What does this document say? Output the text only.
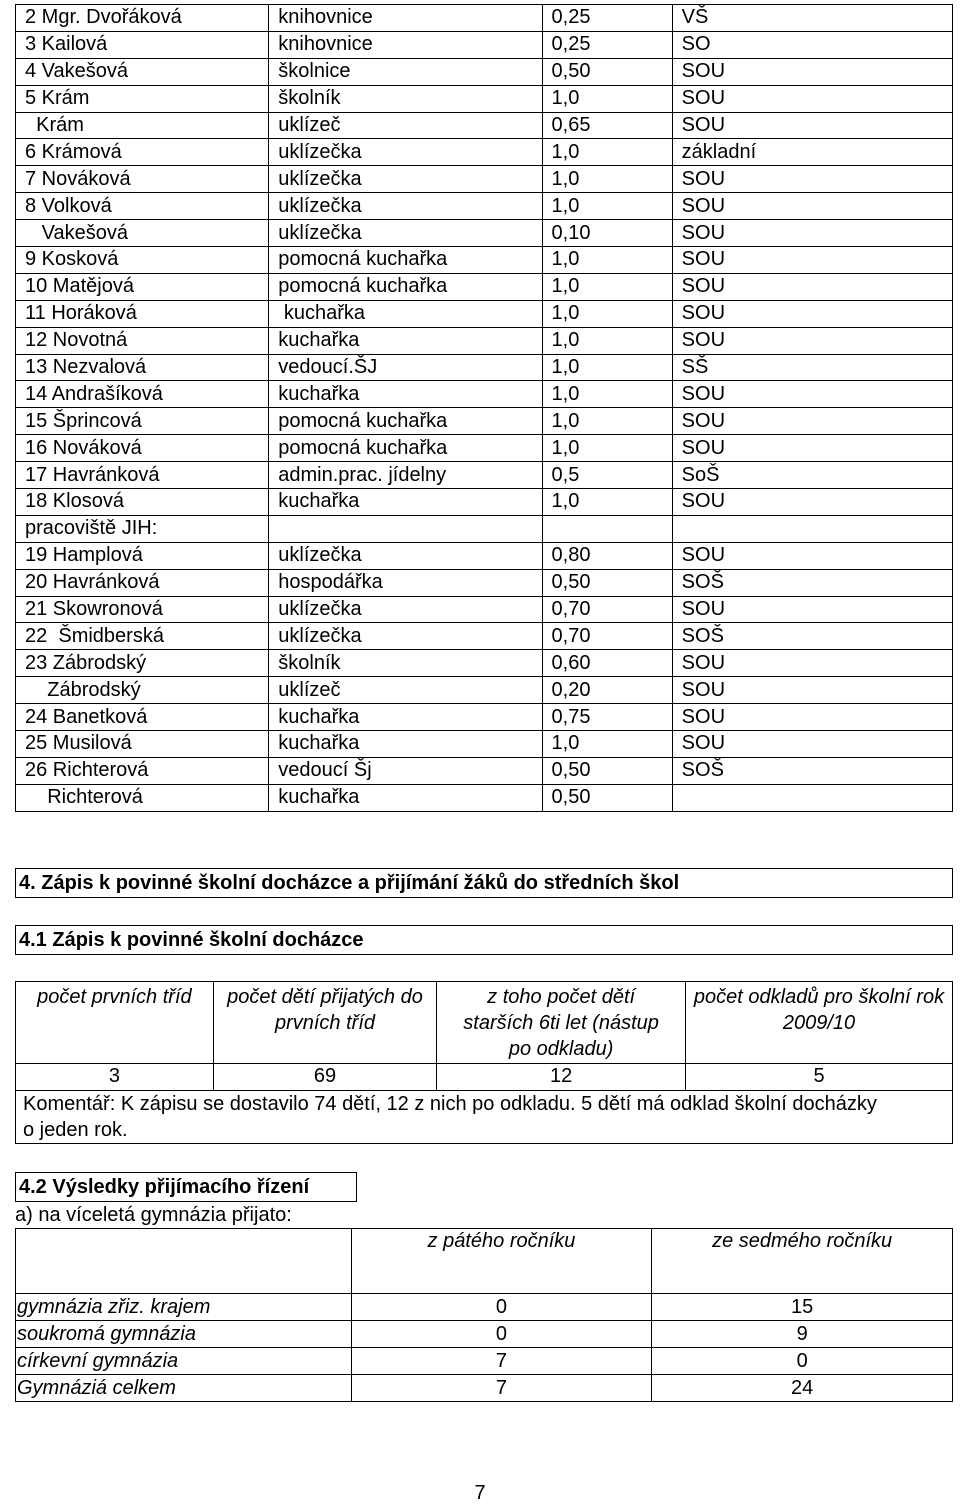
2 Mgr. Dvořáková	knihovnice	0,25	VŠ
3 Kailová	knihovnice	0,25	SO
4 Vakešová	školnice	0,50	SOU
5 Krám	školník	1,0	SOU
Krám	uklízeč	0,65	SOU
6 Krámová	uklízečka	1,0	základní
7 Nováková	uklízečka	1,0	SOU
8 Volková	uklízečka	1,0	SOU
Vakešová	uklízečka	0,10	SOU
9 Kosková	pomocná kuchařka	1,0	SOU
10 Matějová	pomocná kuchařka	1,0	SOU
11 Horáková	kuchařka	1,0	SOU
12 Novotná	kuchařka	1,0	SOU
13 Nezvalová	vedoucí.ŠJ	1,0	SŠ
14 Andrašíková	kuchařka	1,0	SOU
15 Šprincová	pomocná kuchařka	1,0	SOU
16 Nováková	pomocná kuchařka	1,0	SOU
17 Havránková	admin.prac. jídelny	0,5	SoŠ
18 Klosová	kuchařka	1,0	SOU
pracoviště JIH:			
19 Hamplová	uklízečka	0,80	SOU
20 Havránková	hospodářka	0,50	SOŠ
21 Skowronová	uklízečka	0,70	SOU
22  Šmidberská	uklízečka	0,70	SOŠ
23 Zábrodský	školník	0,60	SOU
Zábrodský	uklízeč	0,20	SOU
24 Banetková	kuchařka	0,75	SOU
25 Musilová	kuchařka	1,0	SOU
26 Richterová	vedoucí Šj	0,50	SOŠ
Richterová	kuchařka	0,50	
4. Zápis k povinné školní docházce a přijímání žáků do středních škol
4.1 Zápis k povinné školní docházce
počet prvních tříd	počet dětí přijatých do prvních tříd	z toho počet dětí starších 6ti let (nástup po odkladu)	počet odkladů pro školní rok 2009/10
3	69	12	5
Komentář: K zápisu se dostavilo 74 dětí, 12 z nich po odkladu. 5 dětí má odklad školní docházky o jeden rok.			
4.2 Výsledky přijímacího řízení
a) na víceletá gymnázia přijato:
	z pátého ročníku	ze sedmého ročníku
gymnázia zřiz. krajem	0	15
soukromá gymnázia	0	9
církevní gymnázia	7	0
Gymnáziá celkem	7	24
7
